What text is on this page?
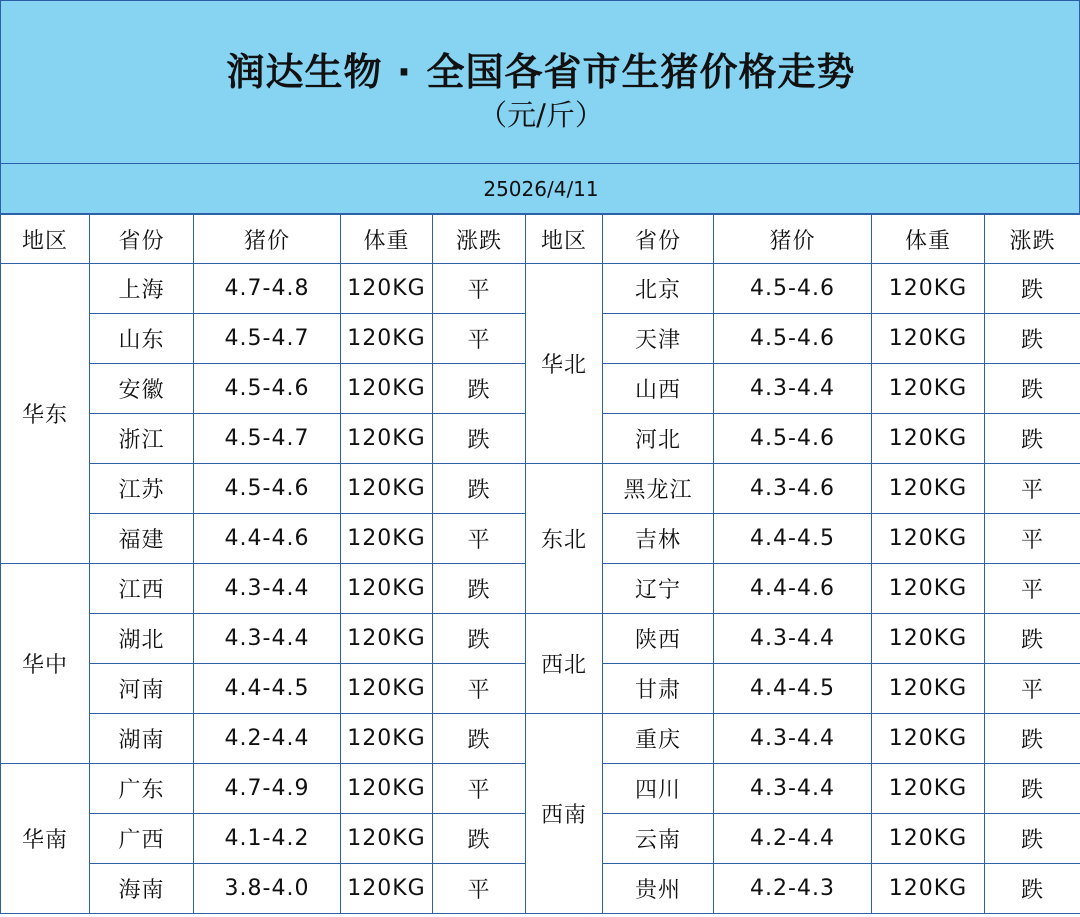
润达生物 · 全国各省市生猪价格走势
（元/斤）
25026/4/11
地区	省份	猪价	体重	涨跌	地区	省份	猪价	体重	涨跌
华东	上海	4.7-4.8	120KG	平	华北	北京	4.5-4.6	120KG	跌
	山东	4.5-4.7	120KG	平		天津	4.5-4.6	120KG	跌
	安徽	4.5-4.6	120KG	跌		山西	4.3-4.4	120KG	跌
	浙江	4.5-4.7	120KG	跌		河北	4.5-4.6	120KG	跌
	江苏	4.5-4.6	120KG	跌	东北	黑龙江	4.3-4.6	120KG	平
	福建	4.4-4.6	120KG	平		吉林	4.4-4.5	120KG	平
华中	江西	4.3-4.4	120KG	跌		辽宁	4.4-4.6	120KG	平
	湖北	4.3-4.4	120KG	跌	西北	陕西	4.3-4.4	120KG	跌
	河南	4.4-4.5	120KG	平		甘肃	4.4-4.5	120KG	平
	湖南	4.2-4.4	120KG	跌	西南	重庆	4.3-4.4	120KG	跌
华南	广东	4.7-4.9	120KG	平		四川	4.3-4.4	120KG	跌
	广西	4.1-4.2	120KG	跌		云南	4.2-4.4	120KG	跌
	海南	3.8-4.0	120KG	平		贵州	4.2-4.3	120KG	跌
